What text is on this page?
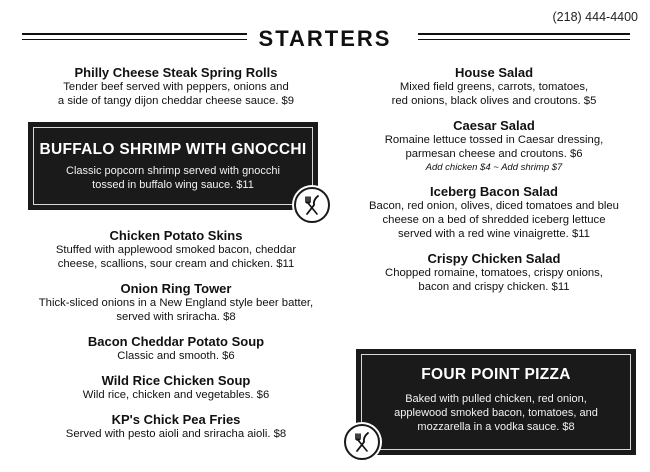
(218) 444-4400
STARTERS
Philly Cheese Steak Spring Rolls
Tender beef served with peppers, onions and
a side of tangy dijon cheddar cheese sauce. $9
BUFFALO SHRIMP WITH GNOCCHI
Classic popcorn shrimp served with gnocchi
tossed in buffalo wing sauce. $11
Chicken Potato Skins
Stuffed with applewood smoked bacon, cheddar
cheese, scallions, sour cream and chicken. $11
Onion Ring Tower
Thick-sliced onions in a New England style beer batter,
served with sriracha. $8
Bacon Cheddar Potato Soup
Classic and smooth. $6
Wild Rice Chicken Soup
Wild rice, chicken and vegetables. $6
KP's Chick Pea Fries
Served with pesto aioli and sriracha aioli. $8
House Salad
Mixed field greens, carrots, tomatoes,
red onions, black olives and croutons. $5
Caesar Salad
Romaine lettuce tossed in Caesar dressing,
parmesan cheese and croutons. $6
Add chicken $4 ~ Add shrimp $7
Iceberg Bacon Salad
Bacon, red onion, olives, diced tomatoes and bleu
cheese on a bed of shredded iceberg lettuce
served with a red wine vinaigrette. $11
Crispy Chicken Salad
Chopped romaine, tomatoes, crispy onions,
bacon and crispy chicken. $11
FOUR POINT PIZZA
Baked with pulled chicken, red onion,
applewood smoked bacon, tomatoes, and
mozzarella in a vodka sauce. $8
